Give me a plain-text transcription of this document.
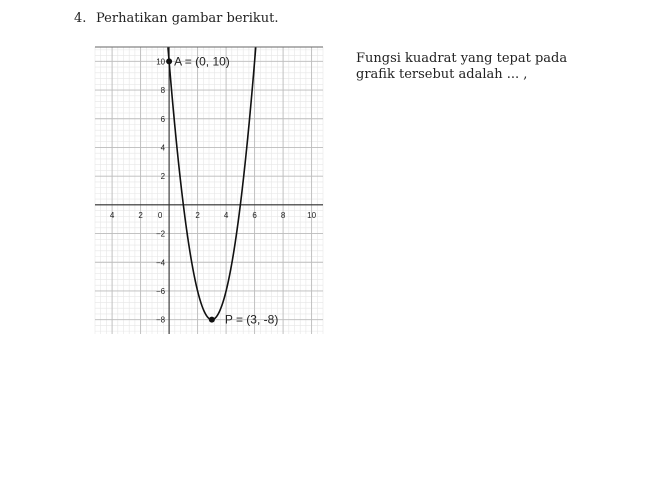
4. Perhatikan gambar berikut.
Fungsi kuadrat yang tepat pada grafik tersebut adalah ... ,
4	2 0	2	4	6	8	10
−8
−6
−4
−2
2
4
6
8
10 A = (0, 10)
P = (3, -8)
